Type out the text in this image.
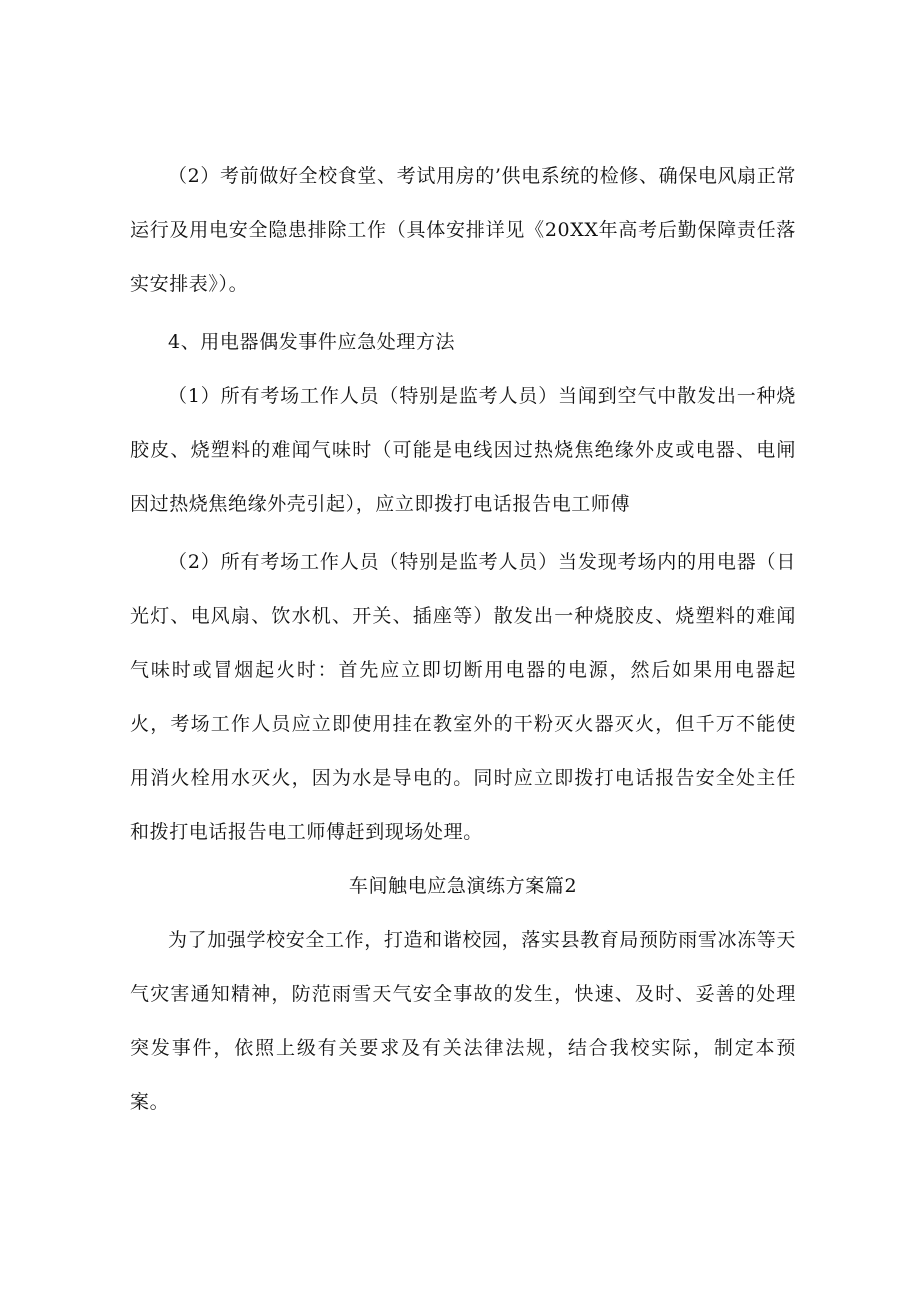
（2）考前做好全校食堂、考试用房的’供电系统的检修、确保电风扇正常运行及用电安全隐患排除工作（具体安排详见《20XX年高考后勤保障责任落实安排表》）。

4、用电器偶发事件应急处理方法

（1）所有考场工作人员（特别是监考人员）当闻到空气中散发出一种烧胶皮、烧塑料的难闻气味时（可能是电线因过热烧焦绝缘外皮或电器、电闸因过热烧焦绝缘外壳引起），应立即拨打电话报告电工师傅

（2）所有考场工作人员（特别是监考人员）当发现考场内的用电器（日光灯、电风扇、饮水机、开关、插座等）散发出一种烧胶皮、烧塑料的难闻气味时或冒烟起火时：首先应立即切断用电器的电源，然后如果用电器起火，考场工作人员应立即使用挂在教室外的干粉灭火器灭火，但千万不能使用消火栓用水灭火，因为水是导电的。同时应立即拨打电话报告安全处主任和拨打电话报告电工师傅赶到现场处理。

车间触电应急演练方案篇2

为了加强学校安全工作，打造和谐校园，落实县教育局预防雨雪冰冻等天气灾害通知精神，防范雨雪天气安全事故的发生，快速、及时、妥善的处理突发事件，依照上级有关要求及有关法律法规，结合我校实际，制定本预案。
